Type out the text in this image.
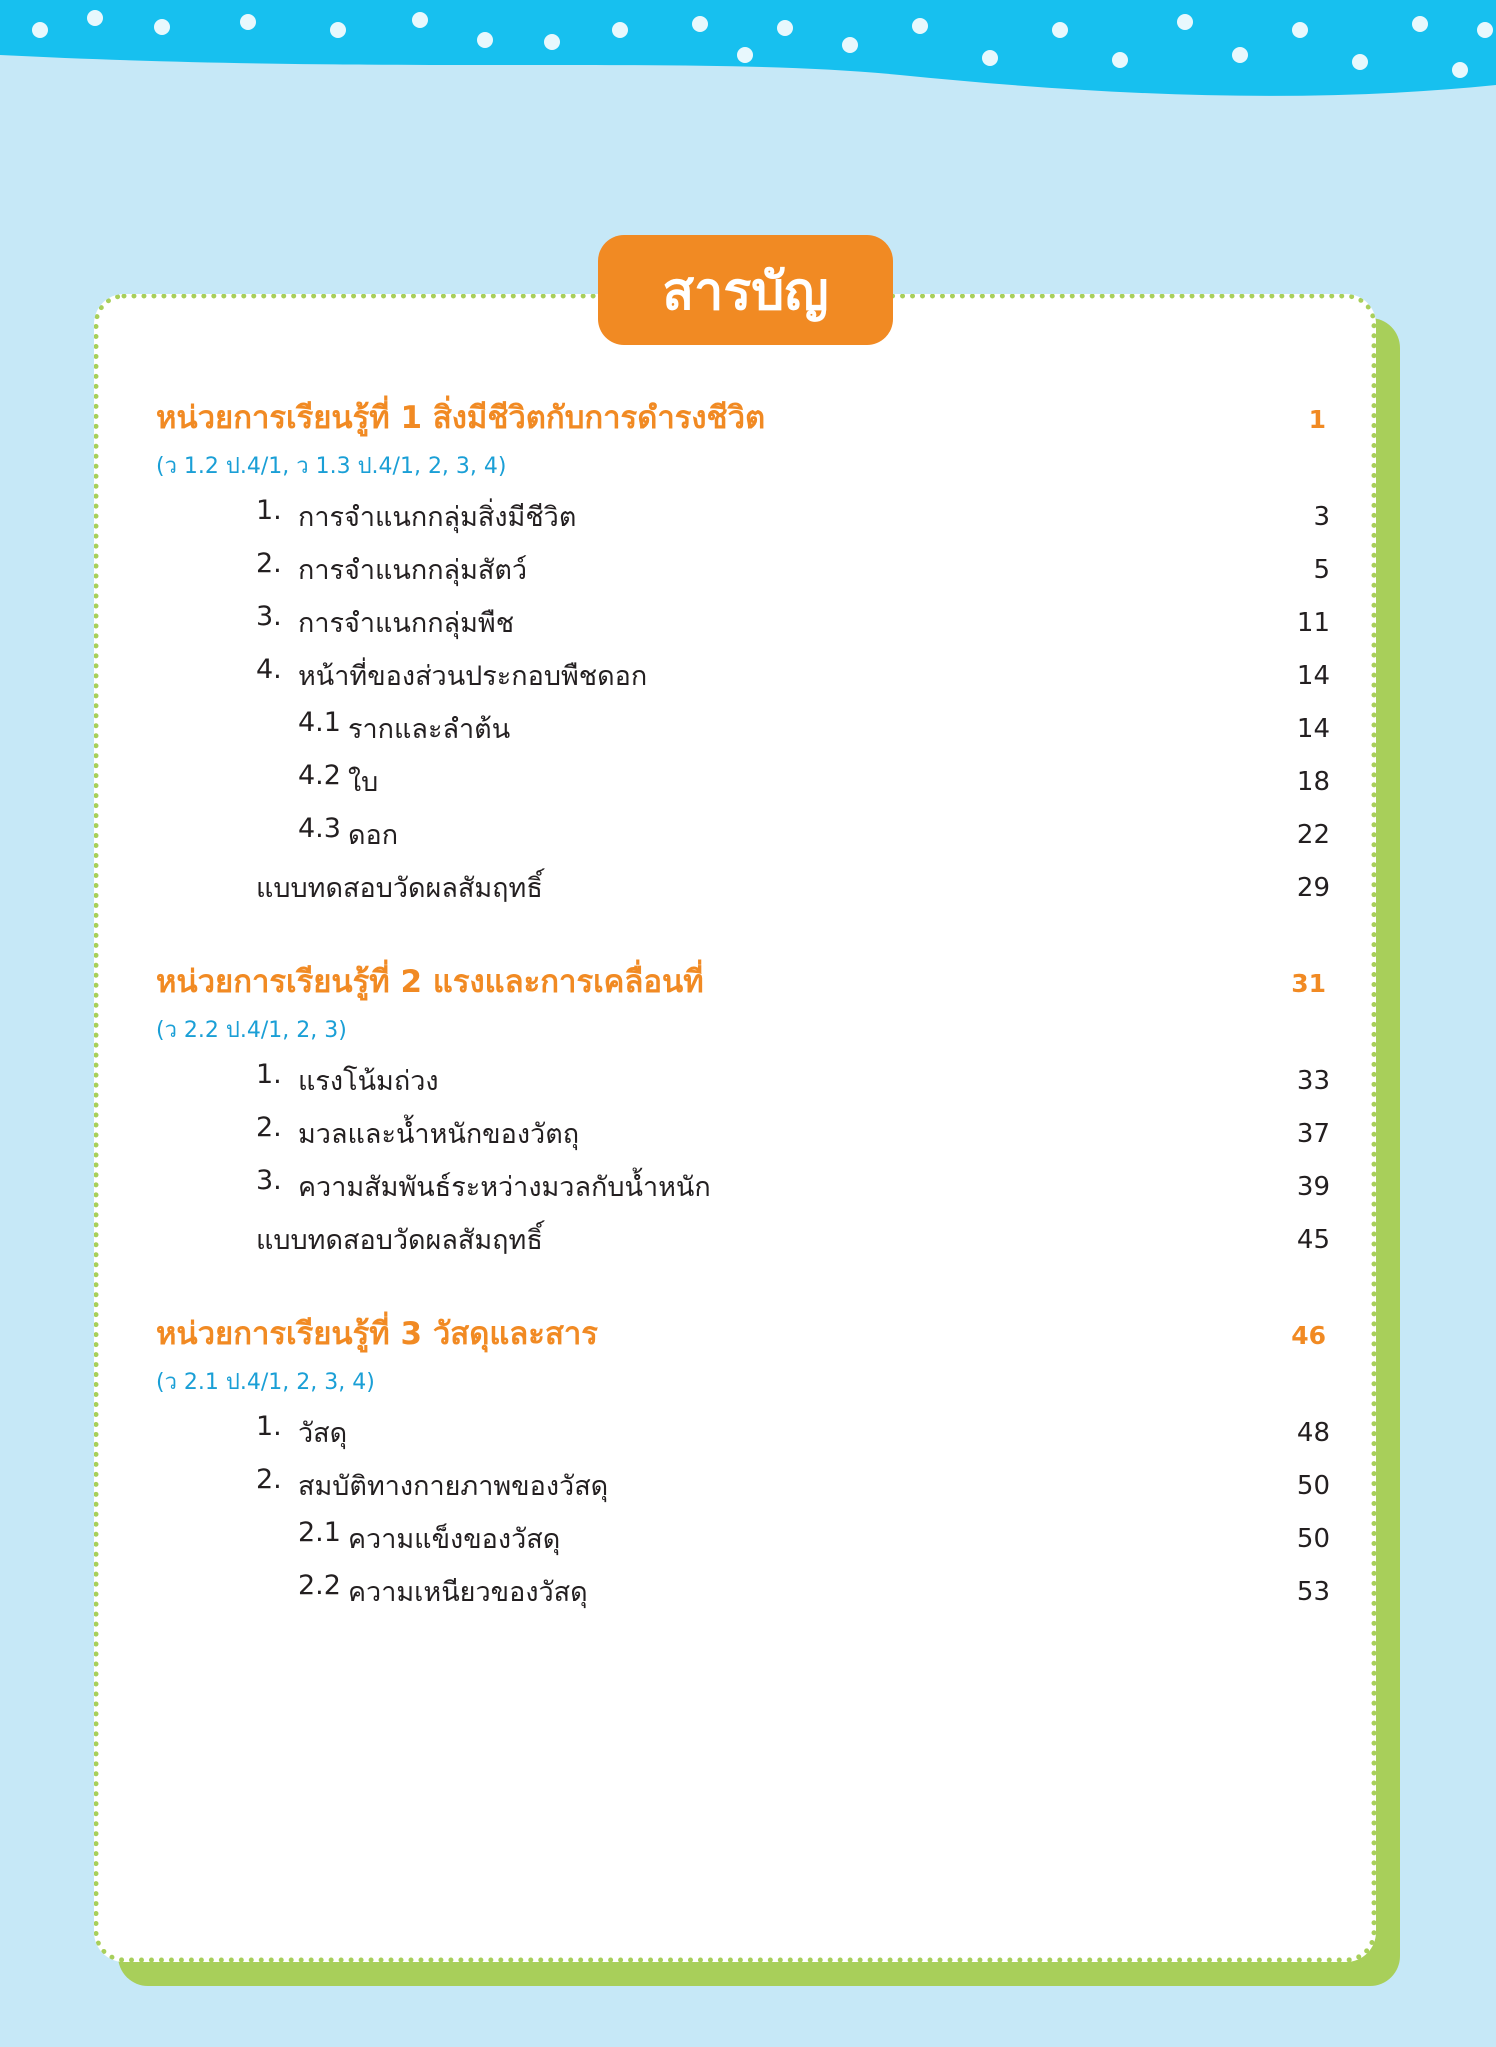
สารบัญ
หน่วยการเรียนรู้ที่ 1 สิ่งมีชีวิตกับการดำรงชีวิต	1
(ว 1.2 ป.4/1, ว 1.3 ป.4/1, 2, 3, 4)
1. การจำแนกกลุ่มสิ่งมีชีวิต	3
2. การจำแนกกลุ่มสัตว์	5
3. การจำแนกกลุ่มพืช	11
4. หน้าที่ของส่วนประกอบพืชดอก	14
4.1 รากและลำต้น	14
4.2 ใบ	18
4.3 ดอก	22
แบบทดสอบวัดผลสัมฤทธิ์	29
หน่วยการเรียนรู้ที่ 2 แรงและการเคลื่อนที่	31
(ว 2.2 ป.4/1, 2, 3)
1. แรงโน้มถ่วง	33
2. มวลและน้ำหนักของวัตถุ	37
3. ความสัมพันธ์ระหว่างมวลกับน้ำหนัก	39
แบบทดสอบวัดผลสัมฤทธิ์	45
หน่วยการเรียนรู้ที่ 3 วัสดุและสาร	46
(ว 2.1 ป.4/1, 2, 3, 4)
1. วัสดุ	48
2. สมบัติทางกายภาพของวัสดุ	50
2.1 ความแข็งของวัสดุ	50
2.2 ความเหนียวของวัสดุ	53
